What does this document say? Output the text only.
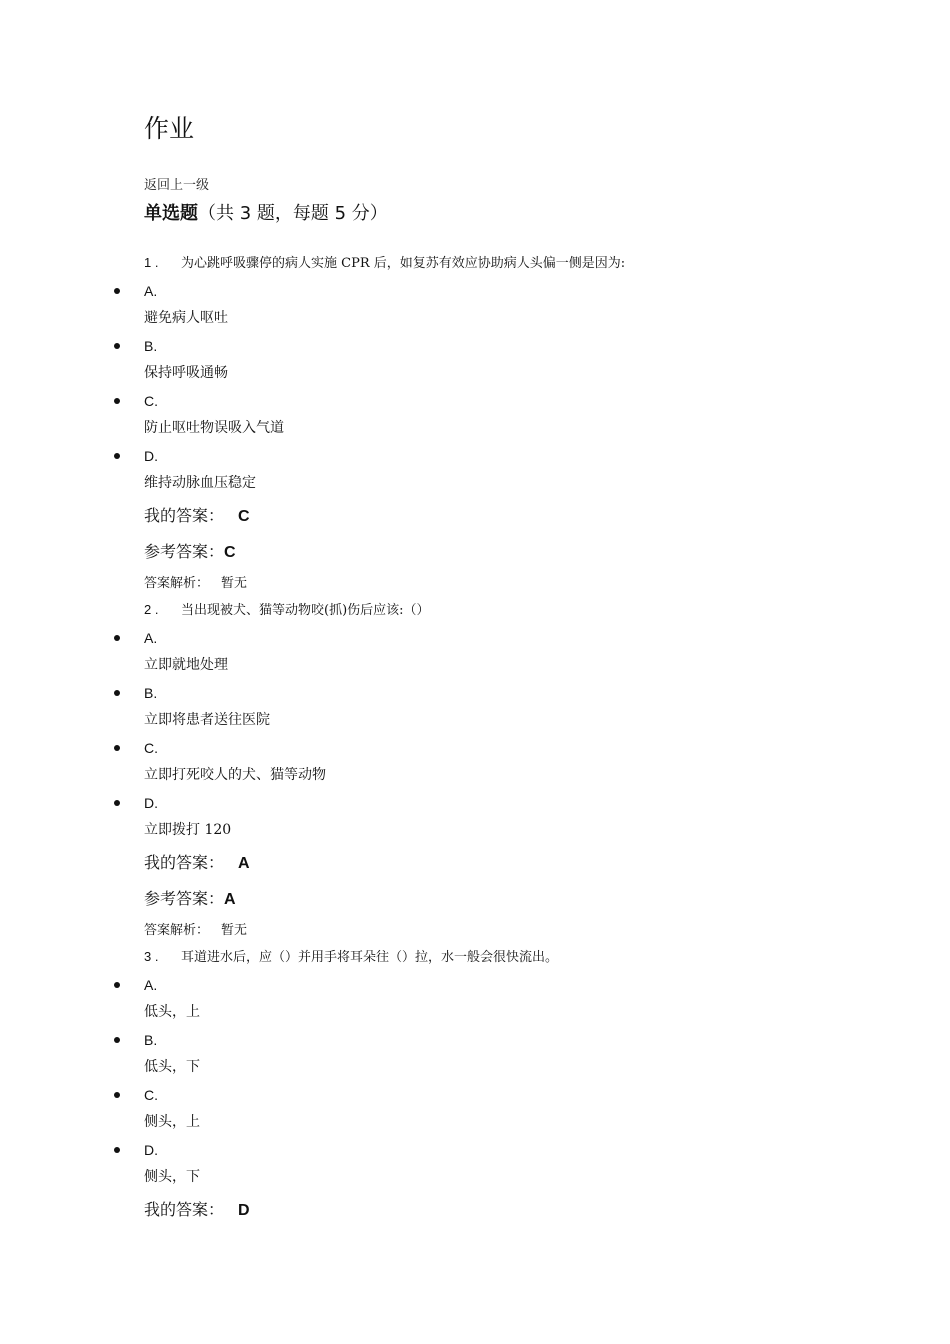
作业
返回上一级
单选题（共 3 题，每题 5 分）
1 . 为心跳呼吸骤停的病人实施 CPR 后，如复苏有效应协助病人头偏一侧是因为:
A.
避免病人呕吐
B.
保持呼吸通畅
C.
防止呕吐物误吸入气道
D.
维持动脉血压稳定
我的答案： C
参考答案：C
答案解析： 暂无
2 . 当出现被犬、猫等动物咬(抓)伤后应该:（）
A.
立即就地处理
B.
立即将患者送往医院
C.
立即打死咬人的犬、猫等动物
D.
立即拨打 120
我的答案： A
参考答案：A
答案解析： 暂无
3 . 耳道进水后，应（）并用手将耳朵往（）拉，水一般会很快流出。
A.
低头，上
B.
低头，下
C.
侧头，上
D.
侧头，下
我的答案： D
